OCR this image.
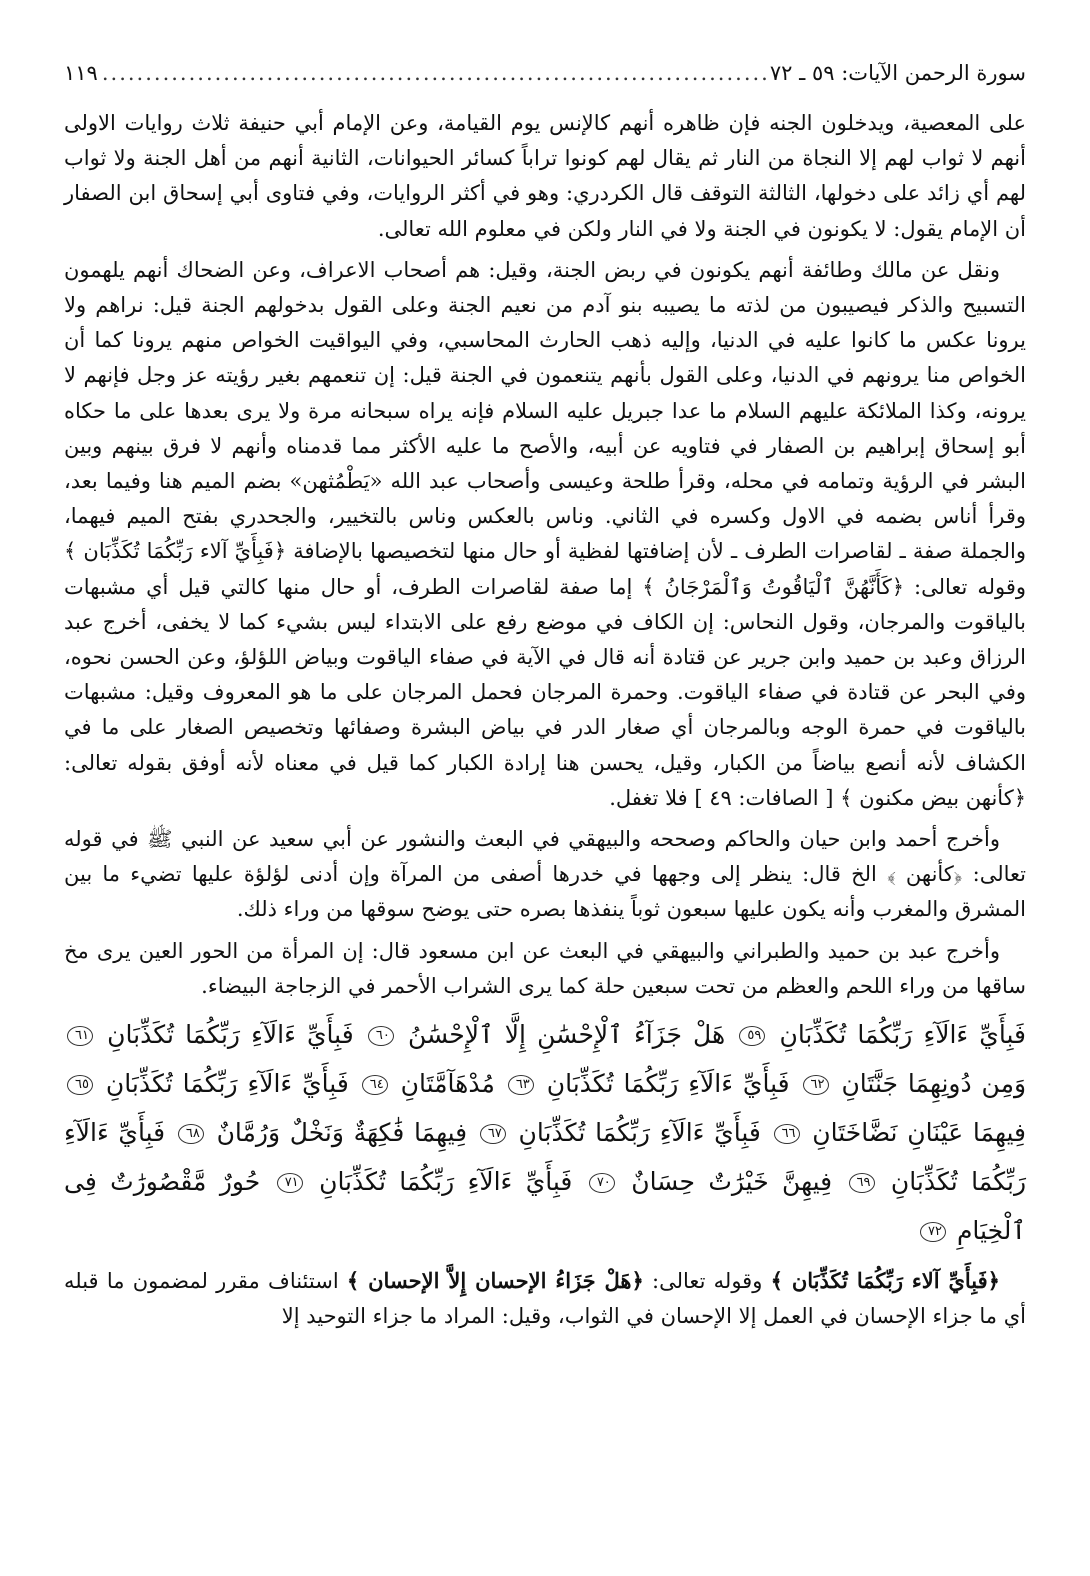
سورة الرحمن الآيات: ٥٩ ـ ٧٢
.....
١١٩

على المعصية، ويدخلون الجنه فإن ظاهره أنهم كالإنس يوم القيامة، وعن الإمام أبي حنيفة ثلاث روايات الاولى أنهم لا ثواب لهم إلا النجاة من النار ثم يقال لهم كونوا تراباً كسائر الحيوانات، الثانية أنهم من أهل الجنة ولا ثواب لهم أي زائد على دخولها، الثالثة التوقف قال الكردري: وهو في أكثر الروايات، وفي فتاوى أبي إسحاق ابن الصفار أن الإمام يقول: لا يكونون في الجنة ولا في النار ولكن في معلوم الله تعالى.

ونقل عن مالك وطائفة أنهم يكونون في ربض الجنة، وقيل: هم أصحاب الاعراف، وعن الضحاك أنهم يلهمون التسبيح والذكر فيصيبون من لذته ما يصيبه بنو آدم من نعيم الجنة وعلى القول بدخولهم الجنة قيل: نراهم ولا يرونا عكس ما كانوا عليه في الدنيا، وإليه ذهب الحارث المحاسبي، وفي اليواقيت الخواص منهم يرونا كما أن الخواص منا يرونهم في الدنيا، وعلى القول بأنهم يتنعمون في الجنة قيل: إن تنعمهم بغير رؤيته عز وجل فإنهم لا يرونه، وكذا الملائكة عليهم السلام ما عدا جبريل عليه السلام فإنه يراه سبحانه مرة ولا يرى بعدها على ما حكاه أبو إسحاق إبراهيم بن الصفار في فتاويه عن أبيه، والأصح ما عليه الأكثر مما قدمناه وأنهم لا فرق بينهم وبين البشر في الرؤية وتمامه في محله، وقرأ طلحة وعيسى وأصحاب عبد الله «يَطْمُثهن» بضم الميم هنا وفيما بعد، وقرأ أناس بضمه في الاول وكسره في الثاني. وناس بالعكس وناس بالتخيير، والجحدري بفتح الميم فيهما، والجملة صفة ـ لقاصرات الطرف ـ لأن إضافتها لفظية أو حال منها لتخصيصها بالإضافة ﴿فَبِأَيِّ آلاء رَبِّكُمَا تُكَذِّبَان ﴾ وقوله تعالى: ﴿كَأَنَّهُنَّ ٱلْيَاقُوتُ وَٱلْمَرْجَانُ ﴾ إما صفة لقاصرات الطرف، أو حال منها كالتي قيل أي مشبهات بالياقوت والمرجان، وقول النحاس: إن الكاف في موضع رفع على الابتداء ليس بشيء كما لا يخفى، أخرج عبد الرزاق وعبد بن حميد وابن جرير عن قتادة أنه قال في الآية في صفاء الياقوت وبياض اللؤلؤ، وعن الحسن نحوه، وفي البحر عن قتادة في صفاء الياقوت. وحمرة المرجان فحمل المرجان على ما هو المعروف وقيل: مشبهات بالياقوت في حمرة الوجه وبالمرجان أي صغار الدر في بياض البشرة وصفائها وتخصيص الصغار على ما في الكشاف لأنه أنصع بياضاً من الكبار، وقيل، يحسن هنا إرادة الكبار كما قيل في معناه لأنه أوفق بقوله تعالى: ﴿كأنهن بيض مكنون ﴾ [ الصافات: ٤٩ ] فلا تغفل.

وأخرج أحمد وابن حيان والحاكم وصححه والبيهقي في البعث والنشور عن أبي سعيد عن النبي ﷺ في قوله تعالى: ﴿كأنهن ﴾ الخ قال: ينظر إلى وجهها في خدرها أصفى من المرآة وإن أدنى لؤلؤة عليها تضيء ما بين المشرق والمغرب وأنه يكون عليها سبعون ثوباً ينفذها بصره حتى يوضح سوقها من وراء ذلك.

وأخرج عبد بن حميد والطبراني والبيهقي في البعث عن ابن مسعود قال: إن المرأة من الحور العين يرى مخ ساقها من وراء اللحم والعظم من تحت سبعين حلة كما يرى الشراب الأحمر في الزجاجة البيضاء.

فَبِأَيِّ ءَالَآءِ رَبِّكُمَا تُكَذِّبَانِ ٥٩ هَلْ جَزَآءُ ٱلْإِحْسَٰنِ إِلَّا ٱلْإِحْسَٰنُ ٦٠ فَبِأَيِّ ءَالَآءِ رَبِّكُمَا تُكَذِّبَانِ ٦١ وَمِن دُونِهِمَا جَنَّتَانِ ٦٢ فَبِأَيِّ ءَالَآءِ رَبِّكُمَا تُكَذِّبَانِ ٦٣ مُدْهَآمَّتَانِ ٦٤ فَبِأَيِّ ءَالَآءِ رَبِّكُمَا تُكَذِّبَانِ ٦٥ فِيهِمَا عَيْنَانِ نَضَّاخَتَانِ ٦٦ فَبِأَيِّ ءَالَآءِ رَبِّكُمَا تُكَذِّبَانِ ٦٧ فِيهِمَا فَٰكِهَةٌ وَنَخْلٌ وَرُمَّانٌ ٦٨ فَبِأَيِّ ءَالَآءِ رَبِّكُمَا تُكَذِّبَانِ ٦٩ فِيهِنَّ خَيْرَٰتٌ حِسَانٌ ٧٠ فَبِأَيِّ ءَالَآءِ رَبِّكُمَا تُكَذِّبَانِ ٧١ حُورٌ مَّقْصُورَٰتٌ فِى ٱلْخِيَامِ ٧٢

﴿فَبِأَيِّ آلاء رَبِّكُمَا تُكَذِّبَان ﴾ وقوله تعالى: ﴿هَلْ جَزَاءُ الإحسان إِلاَّ الإحسان ﴾ استئناف مقرر لمضمون ما قبله أي ما جزاء الإحسان في العمل إلا الإحسان في الثواب، وقيل: المراد ما جزاء التوحيد إلا
